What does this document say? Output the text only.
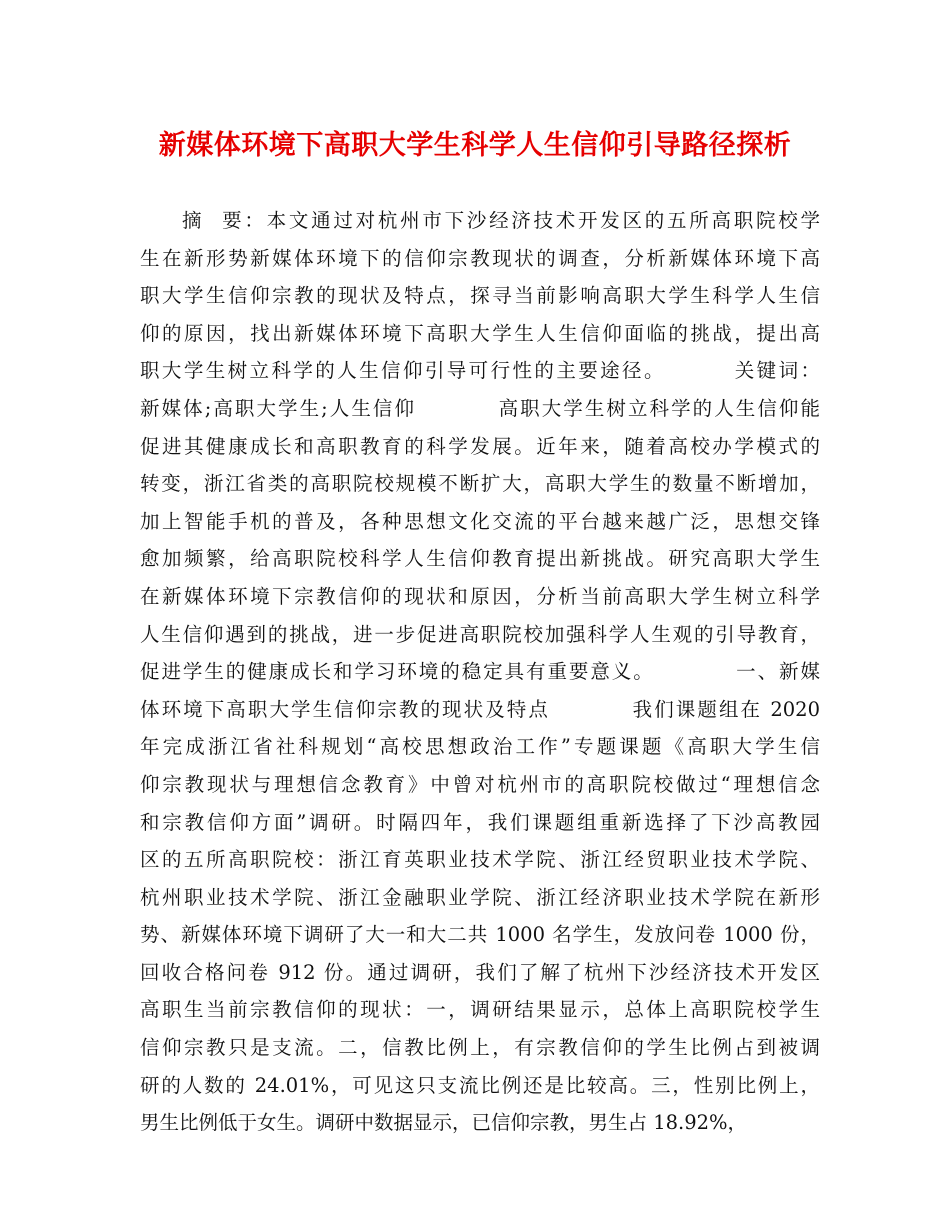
新媒体环境下高职大学生科学人生信仰引导路径探析
摘  要：本文通过对杭州市下沙经济技术开发区的五所高职院校学
生在新形势新媒体环境下的信仰宗教现状的调查，分析新媒体环境下高
职大学生信仰宗教的现状及特点，探寻当前影响高职大学生科学人生信
仰的原因，找出新媒体环境下高职大学生人生信仰面临的挑战，提出高
职大学生树立科学的人生信仰引导可行性的主要途径。        关键词：
新媒体;高职大学生;人生信仰          高职大学生树立科学的人生信仰能
促进其健康成长和高职教育的科学发展。近年来，随着高校办学模式的
转变，浙江省类的高职院校规模不断扩大，高职大学生的数量不断增加，
加上智能手机的普及，各种思想文化交流的平台越来越广泛，思想交锋
愈加频繁，给高职院校科学人生信仰教育提出新挑战。研究高职大学生
在新媒体环境下宗教信仰的现状和原因，分析当前高职大学生树立科学
人生信仰遇到的挑战，进一步促进高职院校加强科学人生观的引导教育，
促进学生的健康成长和学习环境的稳定具有重要意义。          一、新媒
体环境下高职大学生信仰宗教的现状及特点          我们课题组在 2020
年完成浙江省社科规划“高校思想政治工作”专题课题《高职大学生信
仰宗教现状与理想信念教育》中曾对杭州市的高职院校做过“理想信念
和宗教信仰方面”调研。时隔四年，我们课题组重新选择了下沙高教园
区的五所高职院校：浙江育英职业技术学院、浙江经贸职业技术学院、
杭州职业技术学院、浙江金融职业学院、浙江经济职业技术学院在新形
势、新媒体环境下调研了大一和大二共 1000 名学生，发放问卷 1000 份，
回收合格问卷 912 份。通过调研，我们了解了杭州下沙经济技术开发区
高职生当前宗教信仰的现状：一，调研结果显示，总体上高职院校学生
信仰宗教只是支流。二，信教比例上，有宗教信仰的学生比例占到被调
研的人数的 24.01%，可见这只支流比例还是比较高。三，性别比例上，
男生比例低于女生。调研中数据显示，已信仰宗教，男生占 18.92%，
